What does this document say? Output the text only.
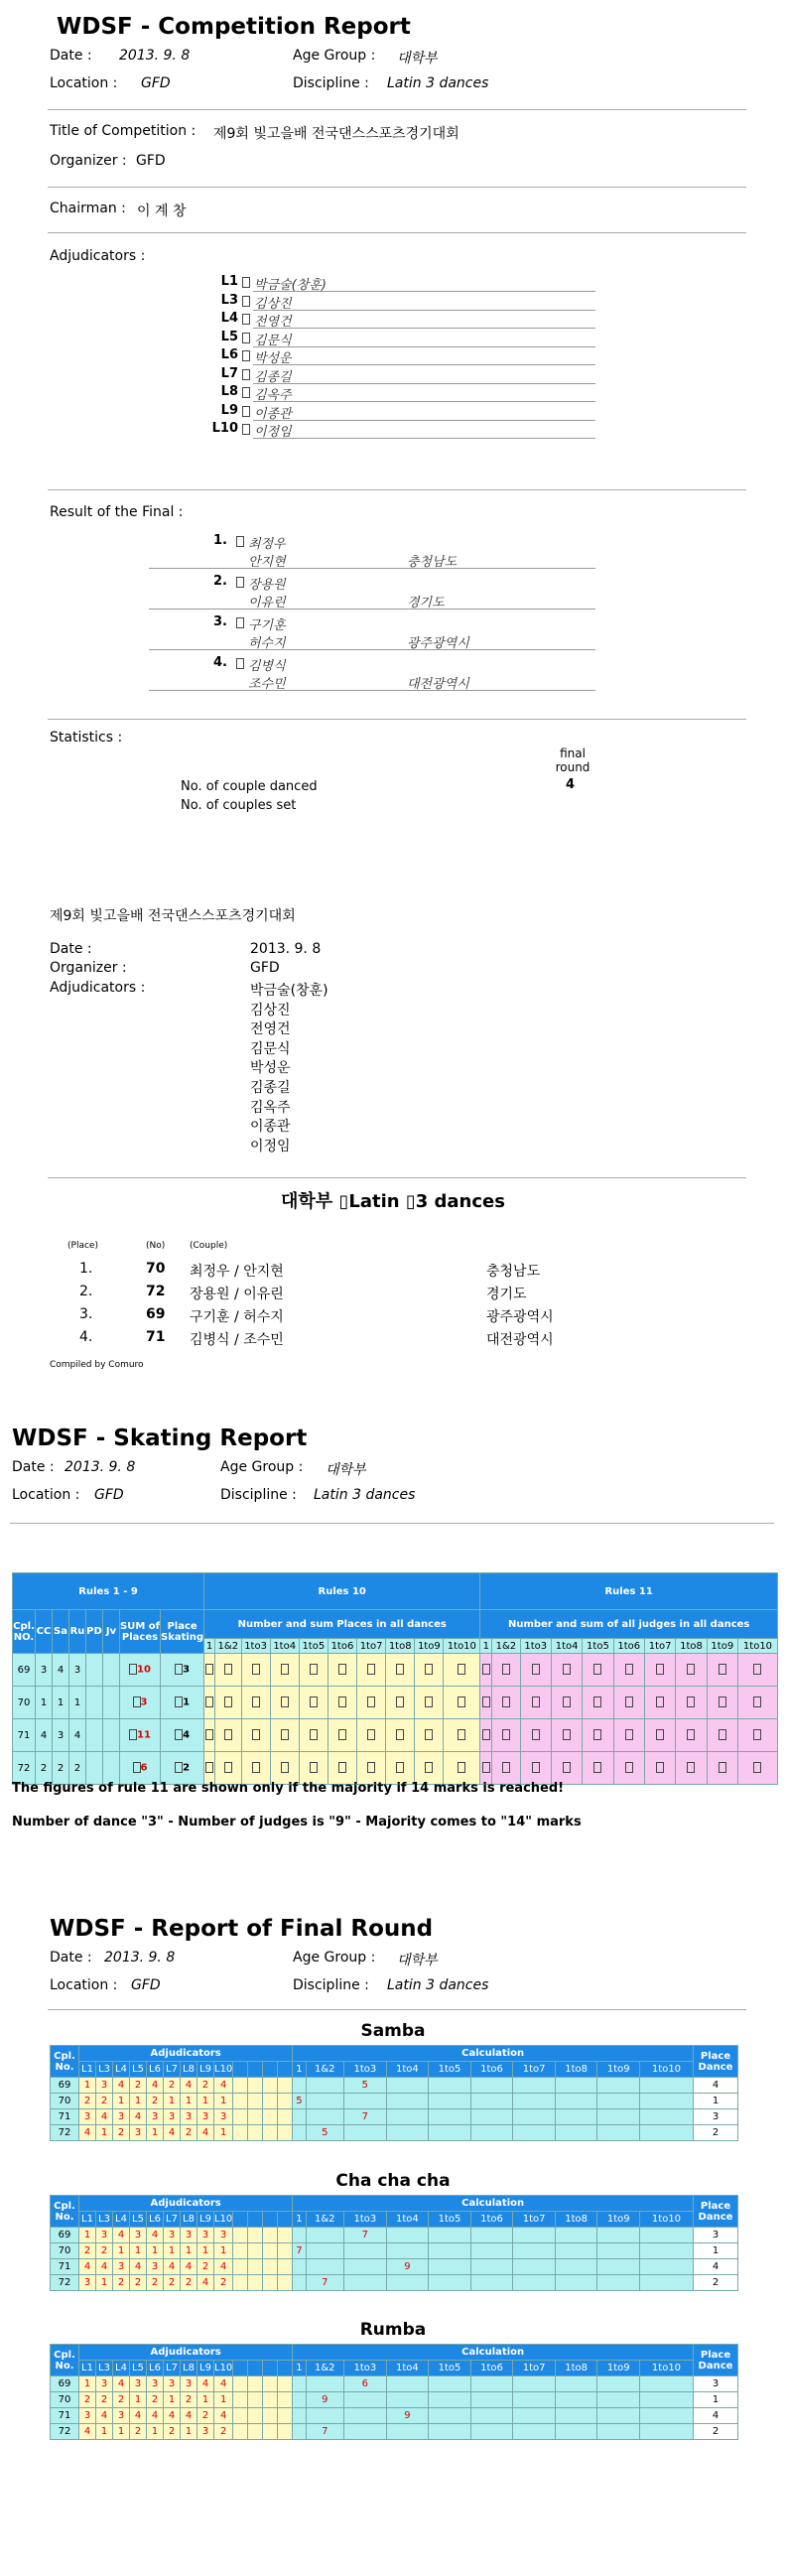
WDSF - Competition Report
Date : 2013. 9. 8	Age Group : 대학부
Location : GFD	Discipline : Latin 3 dances
Title of Competition : 제9회 빛고을배 전국댄스스포츠경기대회
Organizer : GFD
Chairman : 이 계 창
Adjudicators :
L1 박금술(창훈)
L3 김상진
L4 전영건
L5 김문식
L6 박성운
L7 김종길
L8 김옥주
L9 이종관
L10 이정임
Result of the Final :
1. 최정우
안지현	충청남도
2. 장용원
이유린	경기도
3. 구기훈
허수지	광주광역시
4. 김병식
조수민	대전광역시
Statistics :
final
round
No. of couple danced	4
No. of couples set
제9회 빛고을배 전국댄스스포츠경기대회
Date :	2013. 9. 8
Organizer :	GFD
Adjudicators :	박금술(창훈)
김상진
전영건
김문식
박성운
김종길
김옥주
이종관
이정임
대학부 ▯Latin ▯3 dances
(Place)	(No)	(Couple)
1.	70 최정우 / 안지현	충청남도
2.	72 장용원 / 이유린	경기도
3.	69 구기훈 / 허수지	광주광역시
4.	71 김병식 / 조수민	대전광역시
Compiled by Comuro
WDSF - Skating Report
Date : 2013. 9. 8	Age Group : 대학부
Location : GFD	Discipline : Latin 3 dances
Rules 1 - 9								Rules 10										Rules 11									
Cpl. NO.	CC	Sa	Ru	PD	Jv	SUM of Places	Place Skating	Number and sum Places in all dances										Number and sum of all judges in all dances									
								1	1&2	1to3	1to4	1to5	1to6	1to7	1to8	1to9	1to10	1	1&2	1to3	1to4	1to5	1to6	1to7	1to8	1to9	1to10
69	3	4	3			10	3																				
70	1	1	1			3	1																				
71	4	3	4			11	4																				
72	2	2	2			6	2																				
The figures of rule 11 are shown only if the majority if 14 marks is reached!
Number of dance "3" - Number of judges is "9" - Majority comes to "14" marks
WDSF - Report of Final Round
Date : 2013. 9. 8	Age Group : 대학부
Location : GFD	Discipline : Latin 3 dances
Samba
Cpl. No.	Adjudicators													Calculation										Place Dance
	L1	L3	L4	L5	L6	L7	L8	L9	L10					1	1&2	1to3	1to4	1to5	1to6	1to7	1to8	1to9	1to10	
69	1	3	4	2	4	2	4	2	4							5								4
70	2	2	1	1	2	1	1	1	1					5										1
71	3	4	3	4	3	3	3	3	3							7								3
72	4	1	2	3	1	4	2	4	1						5									2
Cha cha cha
Cpl. No.	Adjudicators													Calculation										Place Dance
	L1	L3	L4	L5	L6	L7	L8	L9	L10					1	1&2	1to3	1to4	1to5	1to6	1to7	1to8	1to9	1to10	
69	1	3	4	3	4	3	3	3	3							7								3
70	2	2	1	1	1	1	1	1	1					7										1
71	4	4	3	4	3	4	4	2	4								9							4
72	3	1	2	2	2	2	2	4	2						7									2
Rumba
Cpl. No.	Adjudicators													Calculation										Place Dance
	L1	L3	L4	L5	L6	L7	L8	L9	L10					1	1&2	1to3	1to4	1to5	1to6	1to7	1to8	1to9	1to10	
69	1	3	4	3	3	3	3	4	4							6								3
70	2	2	2	1	2	1	2	1	1						9									1
71	3	4	3	4	4	4	4	2	4								9							4
72	4	1	1	2	1	2	1	3	2						7									2
